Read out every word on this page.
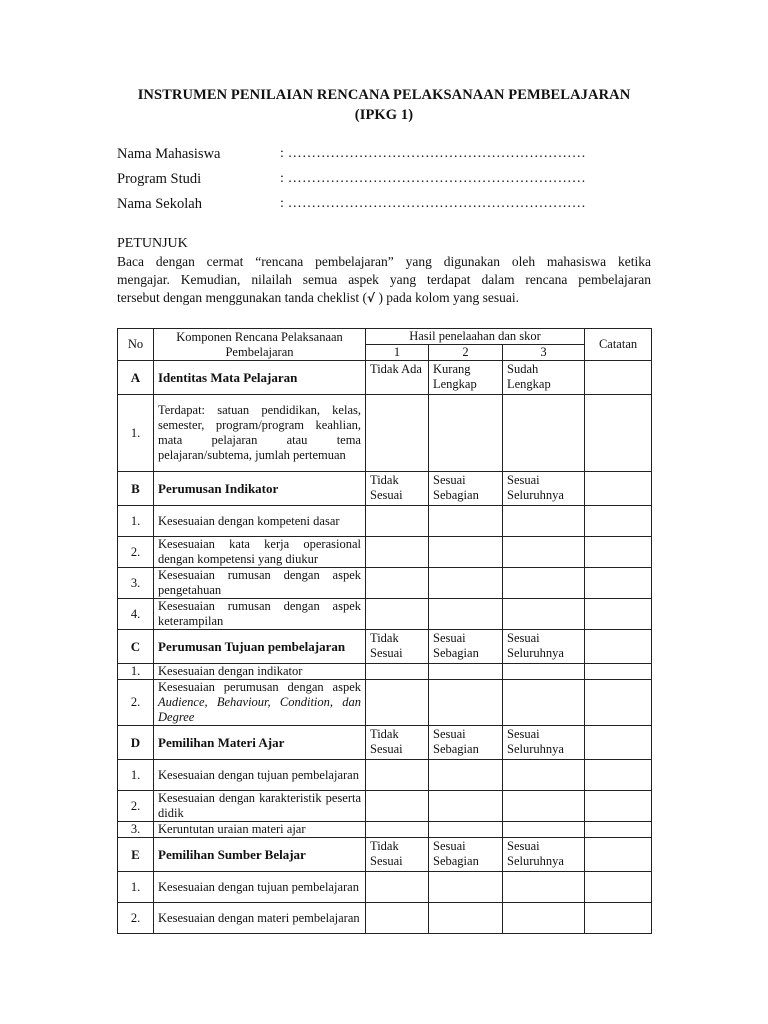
INSTRUMEN PENILAIAN RENCANA PELAKSANAAN PEMBELAJARAN
(IPKG 1)
Nama Mahasiswa	: ………………………………………………………
Program Studi	: ………………………………………………………
Nama Sekolah	: ………………………………………………………
PETUNJUK
Baca dengan cermat “rencana pembelajaran” yang digunakan oleh mahasiswa ketika
mengajar. Kemudian, nilailah semua aspek yang terdapat dalam rencana pembelajaran
tersebut dengan menggunakan tanda cheklist (√ ) pada kolom yang sesuai.
No	Komponen Rencana Pelaksanaan Pembelajaran	Hasil penelaahan dan skor			Catatan
		1	2	3	
A	Identitas Mata Pelajaran	Tidak Ada	Kurang Lengkap	Sudah Lengkap	
1.	Terdapat: satuan pendidikan, kelas, semester, program/program keahlian, mata pelajaran atau tema pelajaran/subtema, jumlah pertemuan				
B	Perumusan Indikator	Tidak Sesuai	Sesuai Sebagian	Sesuai Seluruhnya	
1.	Kesesuaian dengan kompeteni dasar				
2.	Kesesuaian kata kerja operasional dengan kompetensi yang diukur				
3.	Kesesuaian rumusan dengan aspek pengetahuan				
4.	Kesesuaian rumusan dengan aspek keterampilan				
C	Perumusan Tujuan pembelajaran	Tidak Sesuai	Sesuai Sebagian	Sesuai Seluruhnya	
1.	Kesesuaian dengan indikator				
2.	Kesesuaian perumusan dengan aspek Audience, Behaviour, Condition, dan Degree				
D	Pemilihan Materi Ajar	Tidak Sesuai	Sesuai Sebagian	Sesuai Seluruhnya	
1.	Kesesuaian dengan tujuan pembelajaran				
2.	Kesesuaian dengan karakteristik peserta didik				
3.	Keruntutan uraian materi ajar				
E	Pemilihan Sumber Belajar	Tidak Sesuai	Sesuai Sebagian	Sesuai Seluruhnya	
1.	Kesesuaian dengan tujuan pembelajaran				
2.	Kesesuaian dengan materi pembelajaran				
